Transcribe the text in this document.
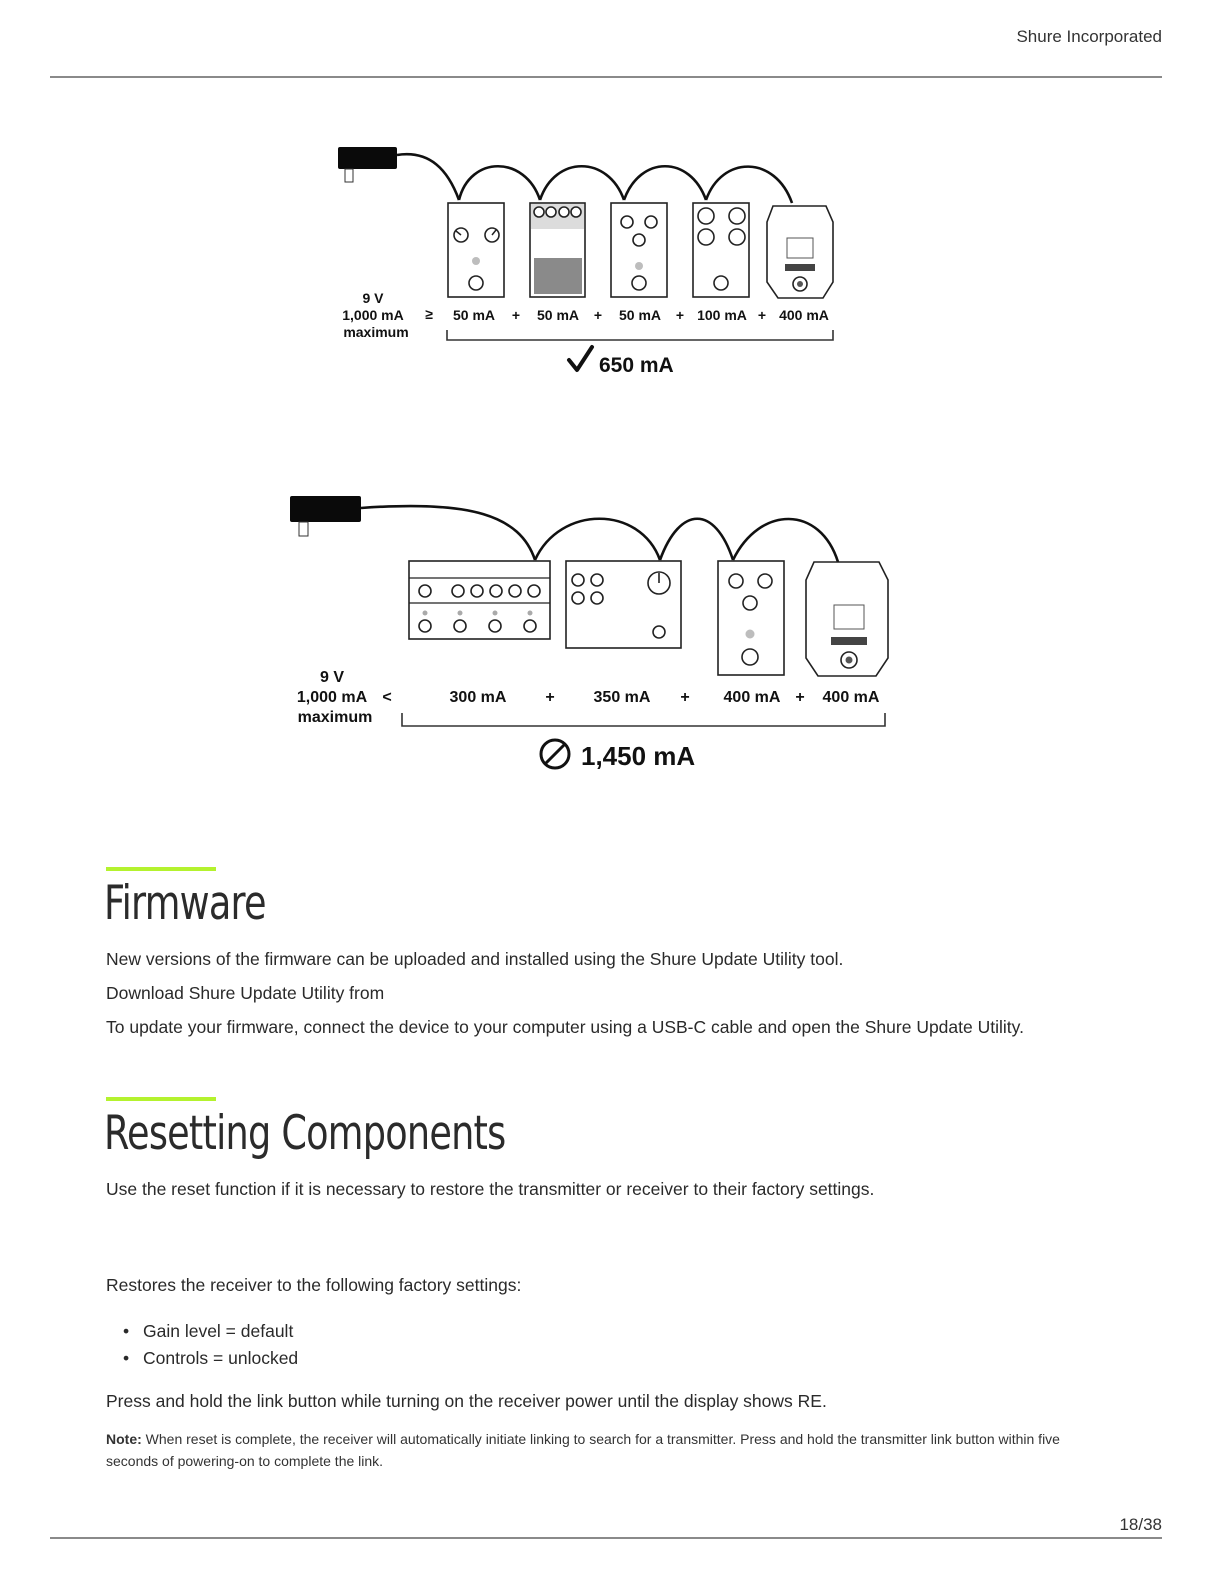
Shure Incorporated
9 V
1,000 mA
maximum
≥ 50 mA + 50 mA + 50 mA + 100 mA + 400 mA
650 mA
9 V
1,000 mA
maximum
<	300 mA + 350 mA + 400 mA + 400 mA
1,450 mA
Firmware

New versions of the firmware can be uploaded and installed using the Shure Update Utility tool.

Download Shure Update Utility from

To update your firmware, connect the device to your computer using a USB-C cable and open the Shure Update Utility.

Resetting Components

Use the reset function if it is necessary to restore the transmitter or receiver to their factory settings.

Restores the receiver to the following factory settings:

• Gain level = default
• Controls = unlocked

Press and hold the link button while turning on the receiver power until the display shows RE.

Note: When reset is complete, the receiver will automatically initiate linking to search for a transmitter. Press and hold the transmitter link button within five seconds of powering-on to complete the link.

18/38
